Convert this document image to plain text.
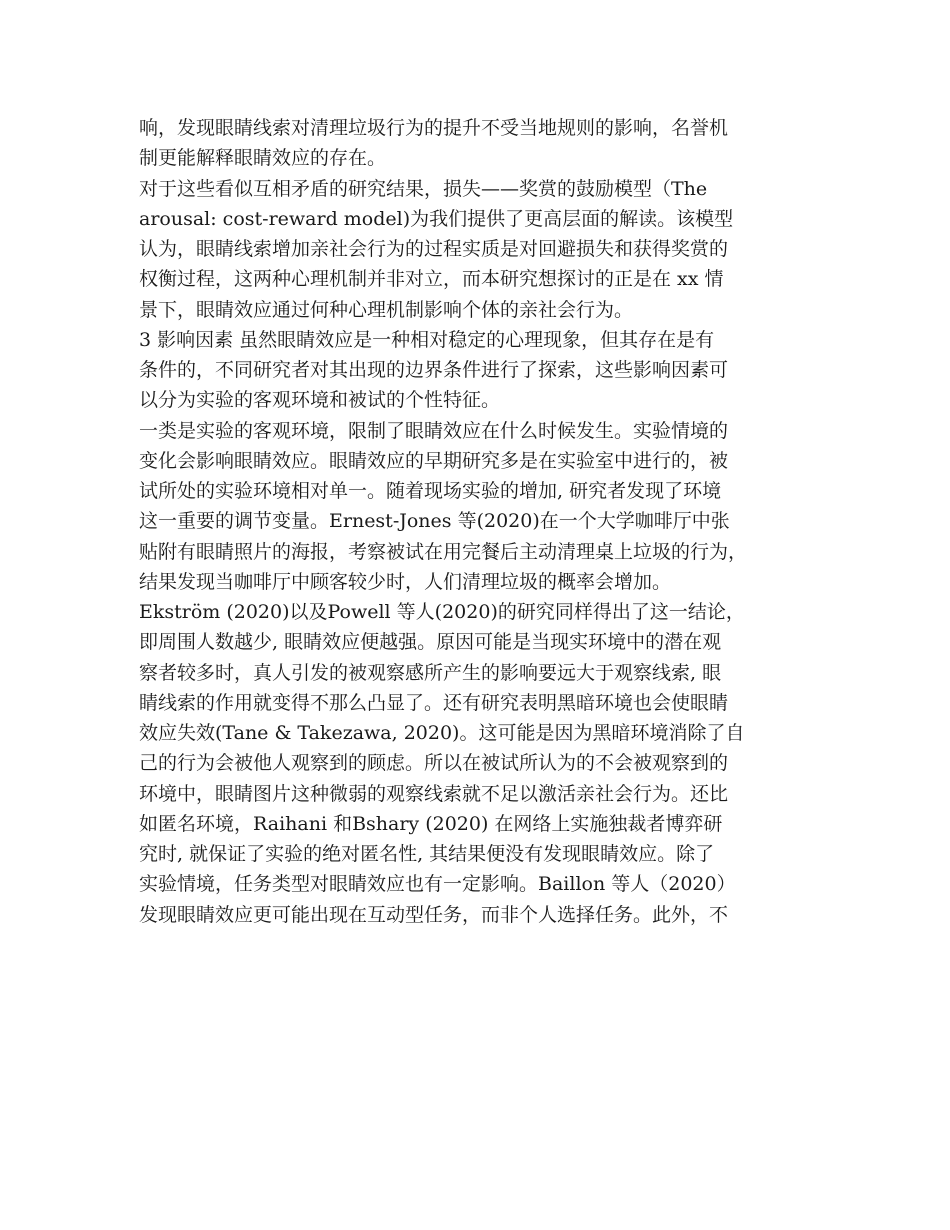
响，发现眼睛线索对清理垃圾行为的提升不受当地规则的影响，名誉机
制更能解释眼睛效应的存在。
对于这些看似互相矛盾的研究结果，损失——奖赏的鼓励模型（The
arousal: cost-reward model)为我们提供了更高层面的解读。该模型
认为，眼睛线索增加亲社会行为的过程实质是对回避损失和获得奖赏的
权衡过程，这两种心理机制并非对立，而本研究想探讨的正是在 xx 情
景下，眼睛效应通过何种心理机制影响个体的亲社会行为。
3 影响因素 虽然眼睛效应是一种相对稳定的心理现象，但其存在是有
条件的，不同研究者对其出现的边界条件进行了探索，这些影响因素可
以分为实验的客观环境和被试的个性特征。
一类是实验的客观环境，限制了眼睛效应在什么时候发生。实验情境的
变化会影响眼睛效应。眼睛效应的早期研究多是在实验室中进行的，被
试所处的实验环境相对单一。随着现场实验的增加, 研究者发现了环境
这一重要的调节变量。Ernest-Jones 等(2020)在一个大学咖啡厅中张
贴附有眼睛照片的海报，考察被试在用完餐后主动清理桌上垃圾的行为，
结果发现当咖啡厅中顾客较少时，人们清理垃圾的概率会增加。
Ekström (2020)以及Powell 等人(2020)的研究同样得出了这一结论，
即周围人数越少, 眼睛效应便越强。原因可能是当现实环境中的潜在观
察者较多时，真人引发的被观察感所产生的影响要远大于观察线索, 眼
睛线索的作用就变得不那么凸显了。还有研究表明黑暗环境也会使眼睛
效应失效(Tane & Takezawa, 2020)。这可能是因为黑暗环境消除了自
己的行为会被他人观察到的顾虑。所以在被试所认为的不会被观察到的
环境中，眼睛图片这种微弱的观察线索就不足以激活亲社会行为。还比
如匿名环境，Raihani 和Bshary (2020) 在网络上实施独裁者博弈研
究时, 就保证了实验的绝对匿名性, 其结果便没有发现眼睛效应。除了
实验情境，任务类型对眼睛效应也有一定影响。Baillon 等人（2020）
发现眼睛效应更可能出现在互动型任务，而非个人选择任务。此外，不
